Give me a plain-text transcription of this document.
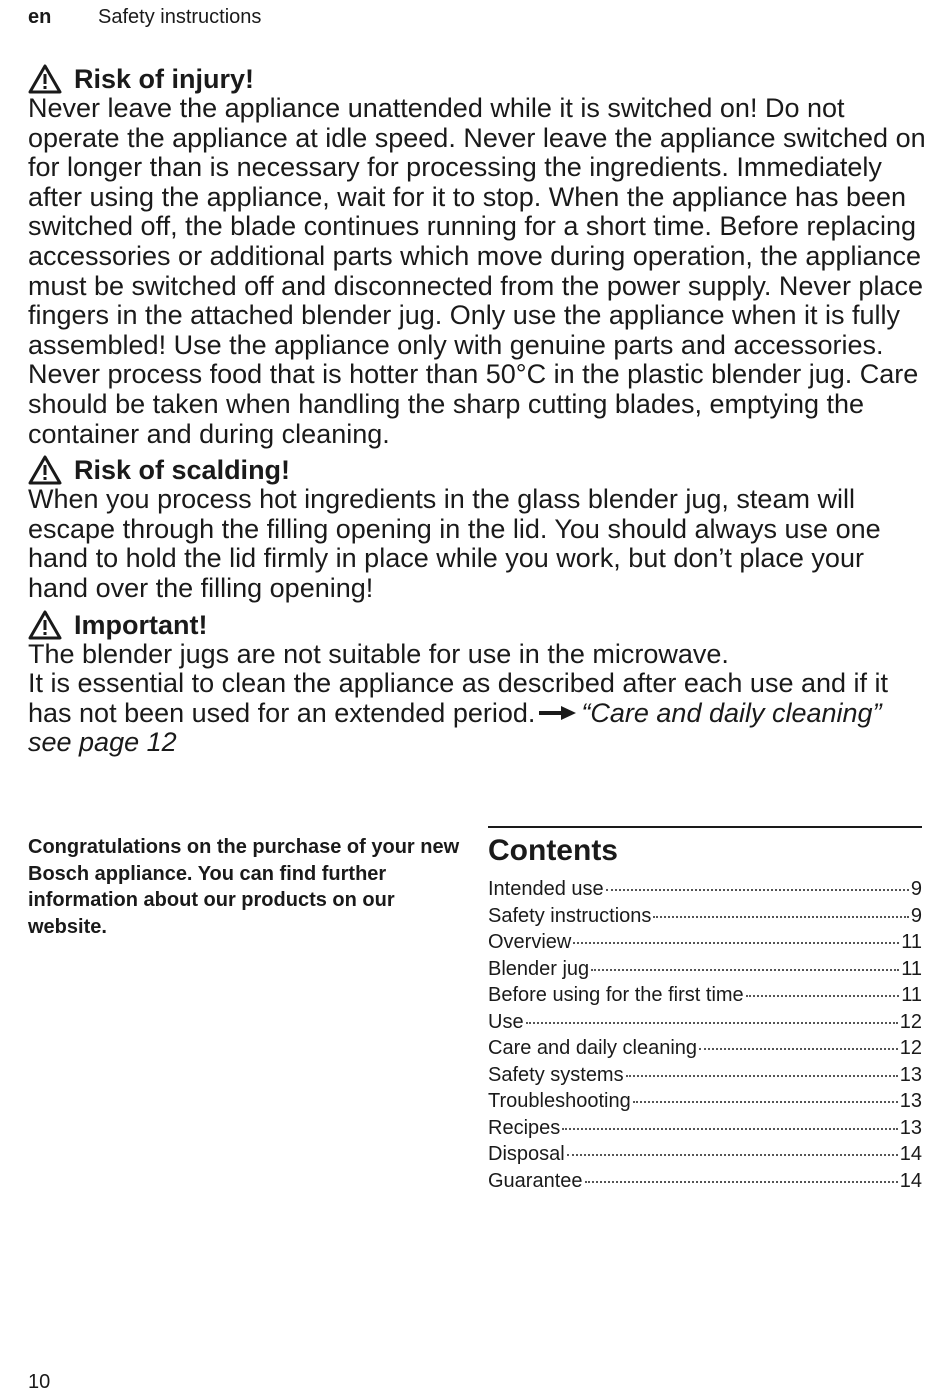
en Safety instructions
Risk of injury!

Never leave the appliance unattended while it is switched on! Do not operate the appliance at idle speed. Never leave the appliance switched on for longer than is necessary for processing the ingredients. Immediately after using the appliance, wait for it to stop. When the appliance has been switched off, the blade continues running for a short time. Before replacing accessories or additional parts which move during operation, the appliance must be switched off and disconnected from the power supply. Never place fingers in the attached blender jug. Only use the appliance when it is fully assembled! Use the appliance only with genuine parts and accessories. Never process food that is hotter than 50°C in the plastic blender jug. Care should be taken when handling the sharp cutting blades, emptying the container and during cleaning.

Risk of scalding!

When you process hot ingredients in the glass blender jug, steam will escape through the filling opening in the lid. You should always use one hand to hold the lid firmly in place while you work, but don’t place your hand over the filling opening!

Important!

The blender jugs are not suitable for use in the microwave.

It is essential to clean the appliance as described after each use and if it has not been used for an extended period. “Care and daily cleaning” see page 12

Congratulations on the purchase of your new Bosch appliance. You can find further information about our products on our website.
Contents
Intended use	9
Safety instructions	9
Overview	11
Blender jug	11
Before using for the first time	11
Use	12
Care and daily cleaning	12
Safety systems	13
Troubleshooting	13
Recipes	13
Disposal	14
Guarantee	14
10
